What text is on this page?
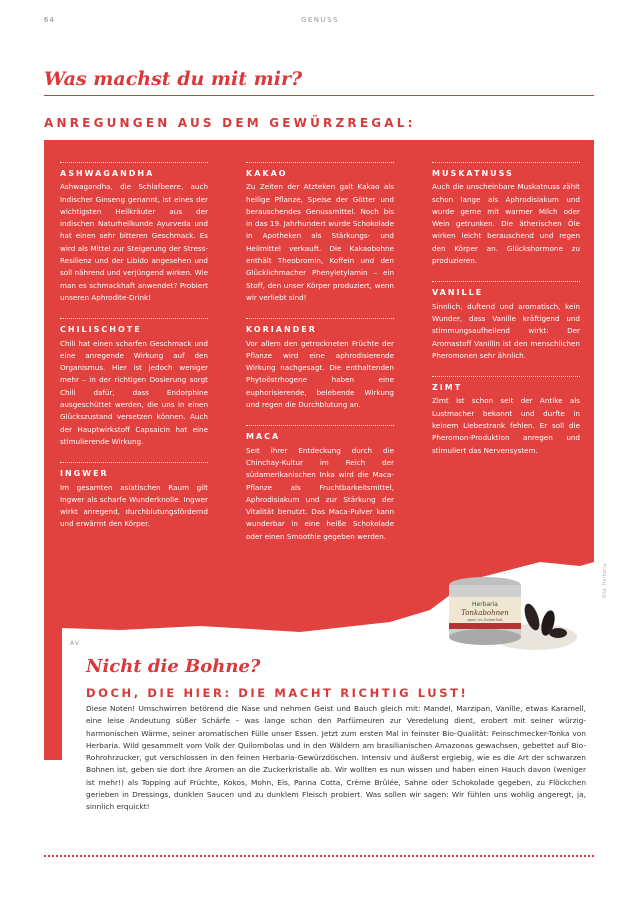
64	GENUSS
Was machst du mit mir?
ANREGUNGEN AUS DEM GEWÜRZREGAL:
ASHWAGANDHA
Ashwagandha, die Schlafbeere, auch Indischer Ginseng genannt, ist eines der wichtigsten Heilkräuter aus der indischen Naturheilkunde Ayurveda und hat einen sehr bitteren Geschmack. Es wird als Mittel zur Steigerung der Stress-Resilienz und der Libido angesehen und soll nährend und verjüngend wirken. Wie man es schmackhaft anwendet? Probiert unseren Aphrodite-Drink!
CHILISCHOTE
Chili hat einen scharfen Geschmack und eine anregende Wirkung auf den Organismus. Hier ist jedoch weniger mehr – in der richtigen Dosierung sorgt Chili dafür, dass Endorphine ausgeschüttet werden, die uns in einen Glückszustand versetzen können. Auch der Hauptwirkstoff Capsaicin hat eine stimulierende Wirkung.
INGWER
Im gesamten asiatischen Raum gilt Ingwer als scharfe Wunderknolle. Ingwer wirkt anregend, durchblutungsfördernd und erwärmt den Körper.
KAKAO
Zu Zeiten der Atzteken galt Kakao als heilige Pflanze, Speise der Götter und berauschendes Genussmittel. Noch bis in das 19. Jahrhundert wurde Schokolade in Apotheken als Stärkungs- und Heilmittel verkauft. Die Kakaobohne enthält Theobromin, Koffein und den Glücklichmacher Phenyletylamin – ein Stoff, den unser Körper produziert, wenn wir verliebt sind!
KORIANDER
Vor allem den getrockneten Früchte der Pflanze wird eine aphrodisierende Wirkung nachgesagt. Die enthaltenden Phytoöstrhogene haben eine euphorisierende, belebende Wirkung und regen die Durchblutung an.
MACA
Seit ihrer Entdeckung durch die Chinchay-Kultur im Reich der südamerikanischen Inka wird die Maca-Pflanze als Fruchtbarkeitsmittel, Aphrodisiakum und zur Stärkung der Vitalität benutzt. Das Maca-Pulver kann wunderbar in eine heiße Schokolade oder einen Smoothie gegeben werden.
MUSKATNUSS
Auch die unscheinbare Muskatnuss zählt schon lange als Aphrodisiakum und wurde gerne mit warmer Milch oder Wein getrunken. Die ätherischen Öle wirken leicht berauschend und regen den Körper an. Glückshormone zu produzieren.
VANILLE
Sinnlich, duftend und aromatisch, kein Wunder, dass Vanille kräftigend und stimmungsaufhellend wirkt: Der Aromastoff Vanillin ist den menschlichen Pheromonen sehr ähnlich.
ZIMT
Zimt ist schon seit der Antike als Lustmacher bekannt und durfte in keinem Liebestrank fehlen. Er soll die Pheromon-Produktion anregen und stimuliert das Nervensystem.
Herbaria
Tonkabohnen
ganz, im Zuckerfluß
Bild: Herbaria
AV
Nicht die Bohne?
DOCH, DIE HIER: DIE MACHT RICHTIG LUST!
Diese Noten! Umschwirren betörend die Nase und nehmen Geist und Bauch gleich mit: Mandel, Marzipan, Vanille, etwas Karamell, eine leise Andeutung süßer Schärfe – was lange schon den Parfümeuren zur Veredelung dient, erobert mit seiner würzig-harmonischen Wärme, seiner aromatischen Fülle unser Essen. Jetzt zum ersten Mal in feinster Bio-Qualität: Feinschmecker-Tonka von Herbaria. Wild gesammelt vom Volk der Quilombolas und in den Wäldern am brasilianischen Amazonas gewachsen, gebettet auf Bio-Rohrohrzucker, gut verschlossen in den feinen Herbaria-Gewürzdöschen. Intensiv und äußerst ergiebig, wie es die Art der schwarzen Bohnen ist, geben sie dort ihre Aromen an die Zuckerkristalle ab. Wir wollten es nun wissen und haben einen Hauch davon (weniger ist mehr!) als Topping auf Früchte, Kokos, Mohn, Eis, Panna Cotta, Crème Brûlée, Sahne oder Schokolade gegeben, zu Flöckchen gerieben in Dressings, dunklen Saucen und zu dunklem Fleisch probiert. Was sollen wir sagen: Wir fühlen uns wohlig angeregt, ja, sinnlich erquickt!
